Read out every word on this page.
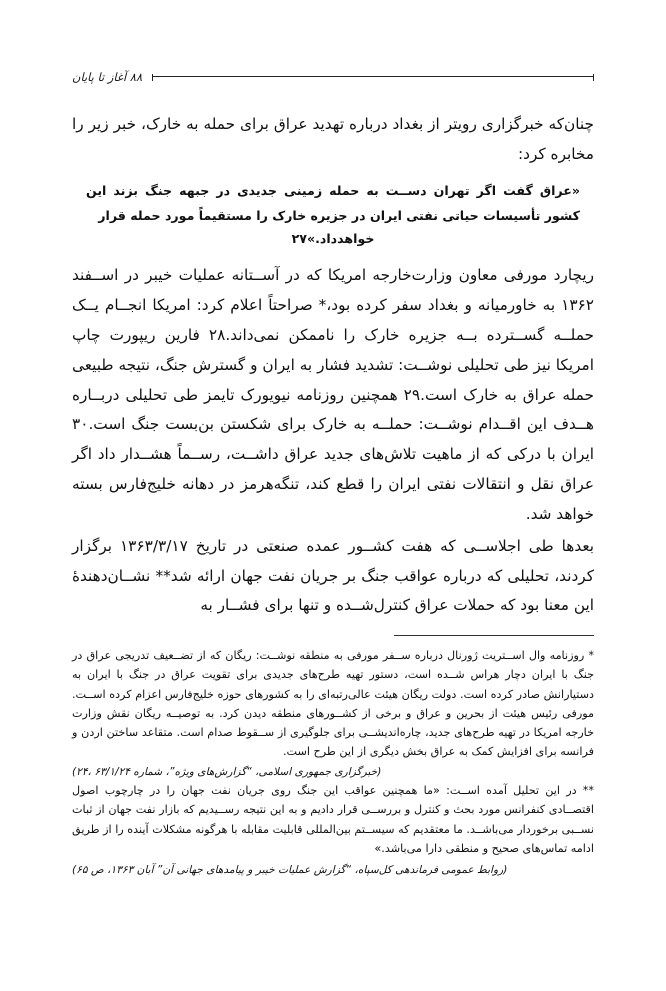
۸۸ آغاز تا پایان

چنان‌که خبرگزاری رویتر از بغداد درباره تهدید عراق برای حمله به خارک، خبر زیر را مخابره کرد:

«عراق گفت اگر تهران دســت به حمله زمینی جدیدی در جبهه جنگ بزند این کشور تأسیسات حیاتی نفتی ایران در جزیره خارک را مستقیماً مورد حمله قرار
خواهدداد.»۲۷

ریچارد مورفی معاون وزارت‌خارجه امریکا که در آســتانه عملیات خیبر در اســفند ۱۳۶۲ به خاورمیانه و بغداد سفر کرده بود،* صراحتاً اعلام کرد: امریکا انجــام یــک حملــه گســترده بــه جزیره خارک را ناممکن نمی‌داند.۲۸ فارین ریپورت چاپ امریکا نیز طی تحلیلی نوشــت: تشدید فشار به ایران و گسترش جنگ، نتیجه طبیعی حمله عراق به خارک است.۲۹ همچنین روزنامه نیویورک تایمز طی تحلیلی دربــاره هــدف این اقــدام نوشــت: حملــه به خارک برای شکستن بن‌بست جنگ است.۳۰ ایران با درکی که از ماهیت تلاش‌های جدید عراق داشــت، رســماً هشــدار داد اگر عراق نقل و انتقالات نفتی ایران را قطع کند، تنگه‌هرمز در دهانه خلیج‌فارس بسته خواهد شد.

بعدها طی اجلاســی که هفت کشــور عمده صنعتی در تاریخ ۱۳۶۳/۳/۱۷ برگزار کردند، تحلیلی که درباره عواقب جنگ بر جریان نفت جهان ارائه شد** نشــان‌دهندۀ این معنا بود که حملات عراق کنترل‌شــده و تنها برای فشــار به

* روزنامه وال اســتریت ژورنال درباره ســفر مورفی به منطقه نوشــت: ریگان که از تضــعیف تدریجی عراق در جنگ با ایران دچار هراس شــده است، دستور تهیه طرح‌های جدیدی برای تقویت عراق در جنگ با ایران به دستیارانش صادر کرده است. دولت ریگان هیئت عالی‌رتبه‌ای را به کشورهای حوزه خلیج‌فارس اعزام کرده اســت. مورفی رئیس هیئت از بحرین و عراق و برخی از کشــورهای منطقه دیدن کرد. به توصیــه ریگان نقش وزارت خارجه امریکا در تهیه طرح‌های جدید، چاره‌اندیشــی برای جلوگیری از ســقوط صدام است. متقاعد ساختن اردن و فرانسه برای افزایش کمک به عراق بخش دیگری از این طرح است.

(خبرگزاری جمهوری اسلامی، “گزارش‌های ویژه”، شماره ۶۳/۱/۲۴ ،۲۴)

** در این تحلیل آمده اســت: «ما همچنین عواقب این جنگ روی جریان نفت جهان را در چارچوب اصول اقتصــادی کنفرانس مورد بحث و کنترل و بررســی قرار دادیم و به این نتیجه رســیدیم که بازار نفت جهان از ثبات نســبی برخوردار می‌باشــد. ما معتقدیم که سیســتم بین‌المللی قابلیت مقابله با هرگونه مشکلات آینده را از طریق ادامه تماس‌های صحیح و منطقی دارا می‌باشد.»

(روابط عمومی فرماندهی کل‌سپاه، “گزارش عملیات خیبر و پیامدهای جهانی آن” آبان ۱۳۶۳، ص ۶۵)
